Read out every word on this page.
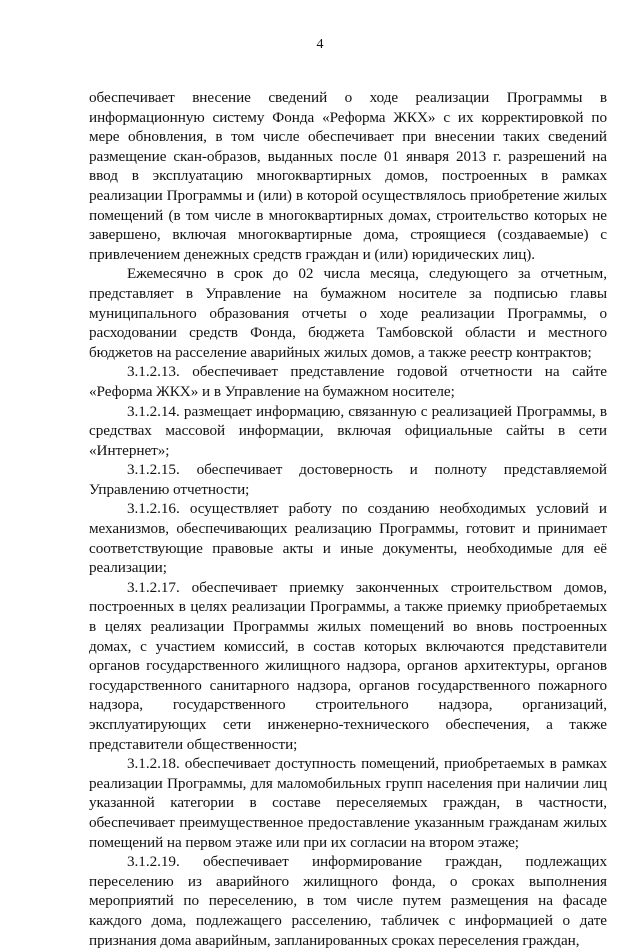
4

обеспечивает внесение сведений о ходе реализации Программы в информационную систему Фонда «Реформа ЖКХ» с их корректировкой по мере обновления, в том числе обеспечивает при внесении таких сведений размещение скан-образов, выданных после 01 января 2013 г. разрешений на ввод в эксплуатацию многоквартирных домов, построенных в рамках реализации Программы и (или) в которой осуществлялось приобретение жилых помещений (в том числе в многоквартирных домах, строительство которых не завершено, включая многоквартирные дома, строящиеся (создаваемые) с привлечением денежных средств граждан и (или) юридических лиц).

Ежемесячно в срок до 02 числа месяца, следующего за отчетным, представляет в Управление на бумажном носителе за подписью главы муниципального образования отчеты о ходе реализации Программы, о расходовании средств Фонда, бюджета Тамбовской области и местного бюджетов на расселение аварийных жилых домов, а также реестр контрактов;

3.1.2.13. обеспечивает представление годовой отчетности на сайте «Реформа ЖКХ» и в Управление на бумажном носителе;

3.1.2.14. размещает информацию, связанную с реализацией Программы, в средствах массовой информации, включая официальные сайты в сети «Интернет»;

3.1.2.15. обеспечивает достоверность и полноту представляемой Управлению отчетности;

3.1.2.16. осуществляет работу по созданию необходимых условий и механизмов, обеспечивающих реализацию Программы, готовит и принимает соответствующие правовые акты и иные документы, необходимые для её реализации;

3.1.2.17. обеспечивает приемку законченных строительством домов, построенных в целях реализации Программы, а также приемку приобретаемых в целях реализации Программы жилых помещений во вновь построенных домах, с участием комиссий, в состав которых включаются представители органов государственного жилищного надзора, органов архитектуры, органов государственного санитарного надзора, органов государственного пожарного надзора, государственного строительного надзора, организаций, эксплуатирующих сети инженерно-технического обеспечения, а также представители общественности;

3.1.2.18. обеспечивает доступность помещений, приобретаемых в рамках реализации Программы, для маломобильных групп населения при наличии лиц указанной категории в составе переселяемых граждан, в частности, обеспечивает преимущественное предоставление указанным гражданам жилых помещений на первом этаже или при их согласии на втором этаже;

3.1.2.19. обеспечивает информирование граждан, подлежащих переселению из аварийного жилищного фонда, о сроках выполнения мероприятий по переселению, в том числе путем размещения на фасаде каждого дома, подлежащего расселению, табличек с информацией о дате признания дома аварийным, запланированных сроках переселения граждан,
